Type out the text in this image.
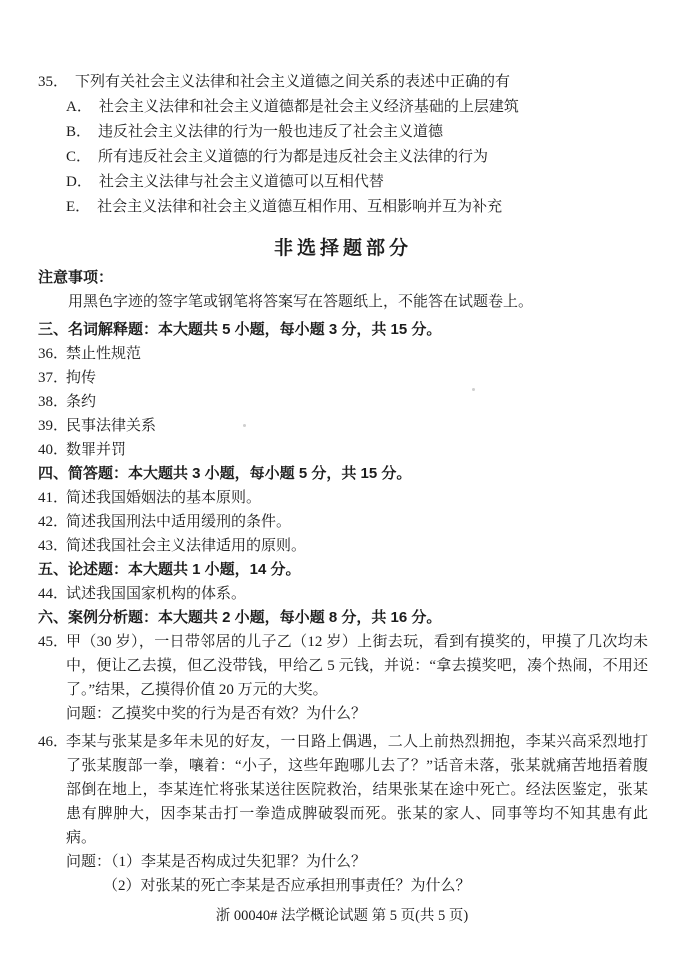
35． 下列有关社会主义法律和社会主义道德之间关系的表述中正确的有
A． 社会主义法律和社会主义道德都是社会主义经济基础的上层建筑
B． 违反社会主义法律的行为一般也违反了社会主义道德
C． 所有违反社会主义道德的行为都是违反社会主义法律的行为
D． 社会主义法律与社会主义道德可以互相代替
E． 社会主义法律和社会主义道德互相作用、互相影响并互为补充
非选择题部分
注意事项：
用黑色字迹的签字笔或钢笔将答案写在答题纸上，不能答在试题卷上。
三、名词解释题：本大题共 5 小题，每小题 3 分，共 15 分。
36．
禁止性规范
37．
拘传
38．
条约
39．
民事法律关系
40．
数罪并罚
四、简答题：本大题共 3 小题，每小题 5 分，共 15 分。
41．
简述我国婚姻法的基本原则。
42．
简述我国刑法中适用缓刑的条件。
43．
简述我国社会主义法律适用的原则。
五、论述题：本大题共 1 小题，14 分。
44．
试述我国国家机构的体系。
六、案例分析题：本大题共 2 小题，每小题 8 分，共 16 分。
45．
甲（30 岁），一日带邻居的儿子乙（12 岁）上街去玩，看到有摸奖的，甲摸了几次均未中，便让乙去摸，但乙没带钱，甲给乙 5 元钱，并说：“拿去摸奖吧，凑个热闹，不用还了。”结果，乙摸得价值 20 万元的大奖。
问题：乙摸奖中奖的行为是否有效？为什么？
46．
李某与张某是多年未见的好友，一日路上偶遇，二人上前热烈拥抱，李某兴高采烈地打了张某腹部一拳，嚷着：“小子，这些年跑哪儿去了？”话音未落，张某就痛苦地捂着腹部倒在地上，李某连忙将张某送往医院救治，结果张某在途中死亡。经法医鉴定，张某患有脾肿大，因李某击打一拳造成脾破裂而死。张某的家人、同事等均不知其患有此病。
问题：（1）李某是否构成过失犯罪？为什么？
（2）对张某的死亡李某是否应承担刑事责任？为什么？
浙 00040# 法学概论试题 第 5 页(共 5 页)
